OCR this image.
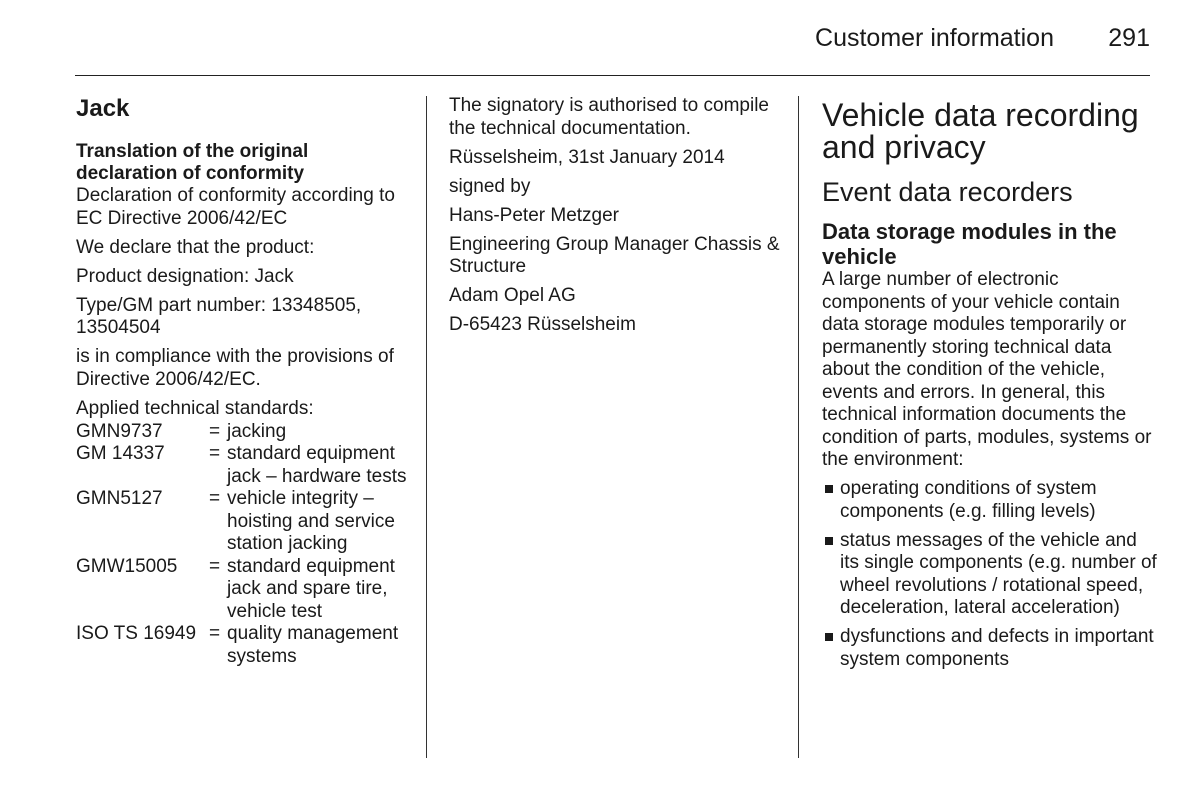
Customer information	291
Jack
Translation of the original declaration of conformity

Declaration of conformity according to EC Directive 2006/42/EC

We declare that the product:

Product designation: Jack

Type/GM part number: 13348505, 13504504

is in compliance with the provisions of Directive 2006/42/EC.

Applied technical standards:

GMN9737	=	jacking
GM 14337	=	standard equipment jack – hardware tests
GMN5127	=	vehicle integrity – hoisting and service station jacking
GMW15005	=	standard equipment jack and spare tire, vehicle test
ISO TS 16949	=	quality management systems

The signatory is authorised to compile the technical documentation.

Rüsselsheim, 31st January 2014

signed by

Hans-Peter Metzger

Engineering Group Manager Chassis & Structure

Adam Opel AG

D-65423 Rüsselsheim

Vehicle data recording and privacy
Event data recorders
Data storage modules in the vehicle

A large number of electronic components of your vehicle contain data storage modules temporarily or permanently storing technical data about the condition of the vehicle, events and errors. In general, this technical information documents the condition of parts, modules, systems or the environment:

operating conditions of system components (e.g. filling levels)
status messages of the vehicle and its single components (e.g. number of wheel revolutions / rotational speed, deceleration, lateral acceleration)
dysfunctions and defects in important system components
